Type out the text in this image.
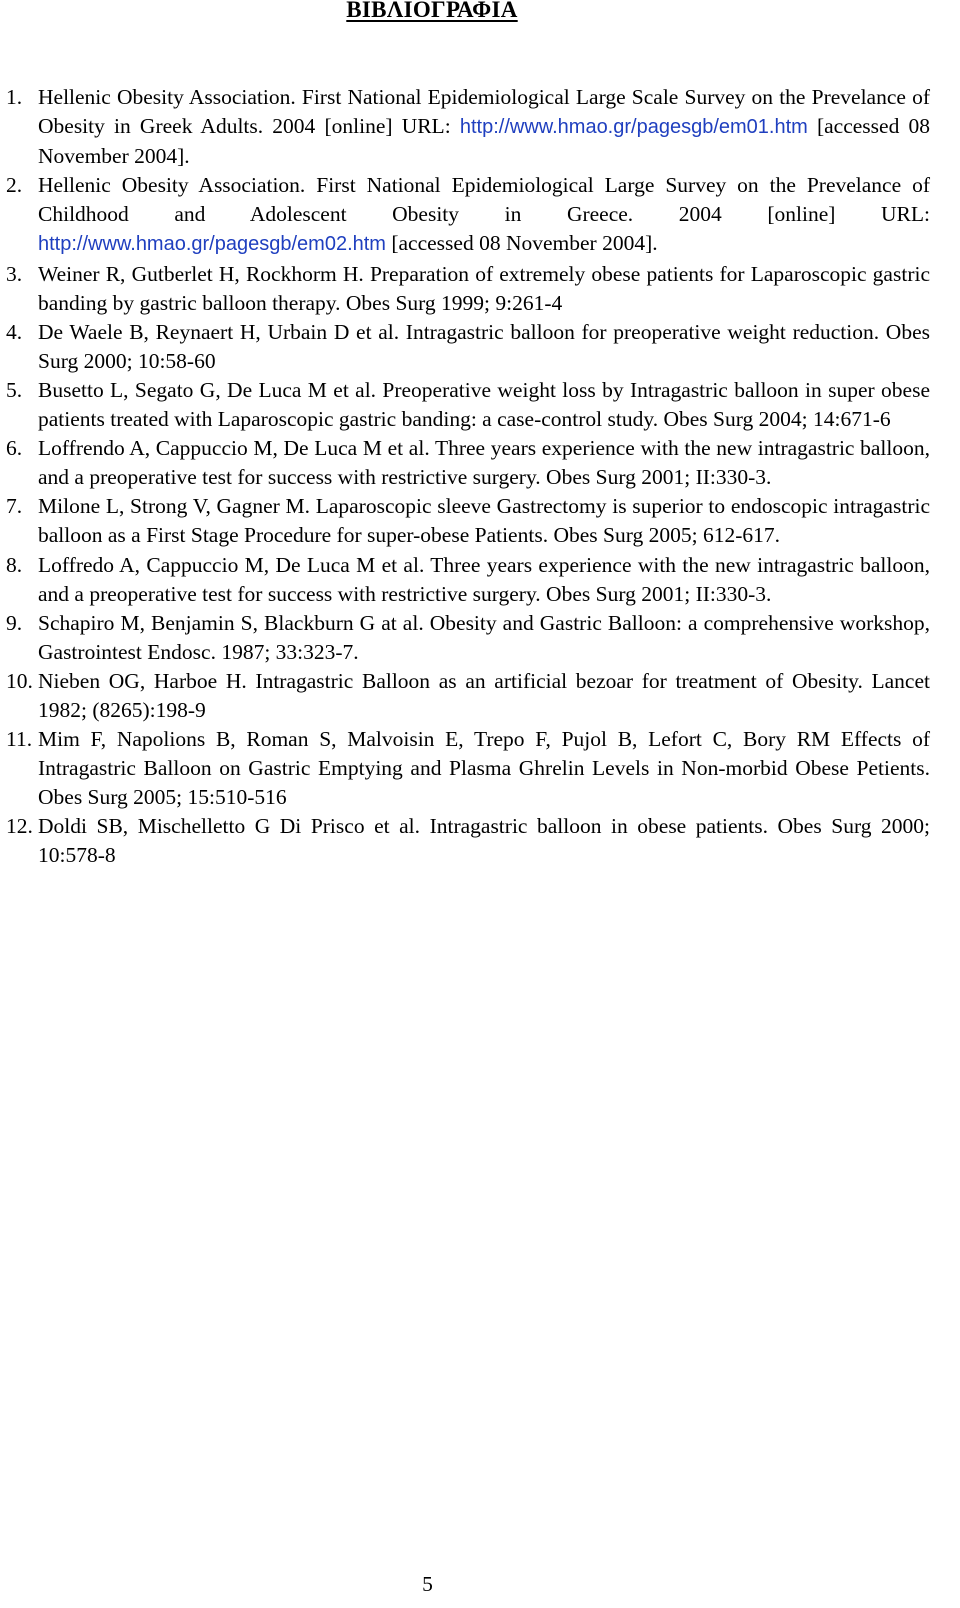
ΒΙΒΛΙΟΓΡΑΦΙΑ
1. Hellenic Obesity Association. First National Epidemiological Large Scale Survey on the Prevelance of Obesity in Greek Adults. 2004 [online] URL: http://www.hmao.gr/pagesgb/em01.htm [accessed 08 November 2004].
2. Hellenic Obesity Association. First National Epidemiological Large Survey on the Prevelance of Childhood and Adolescent Obesity in Greece. 2004 [online] URL: http://www.hmao.gr/pagesgb/em02.htm [accessed 08 November 2004].
3. Weiner R, Gutberlet H, Rockhorm H. Preparation of extremely obese patients for Laparoscopic gastric banding by gastric balloon therapy. Obes Surg 1999; 9:261-4
4. De Waele B, Reynaert H, Urbain D et al. Intragastric balloon for preoperative weight reduction. Obes Surg 2000; 10:58-60
5. Busetto L, Segato G, De Luca M et al. Preoperative weight loss by Intragastric balloon in super obese patients treated with Laparoscopic gastric banding: a case-control study. Obes Surg 2004; 14:671-6
6. Loffrendo A, Cappuccio M, De Luca M et al. Three years experience with the new intragastric balloon, and a preoperative test for success with restrictive surgery. Obes Surg 2001; II:330-3.
7. Milone L, Strong V, Gagner M. Laparoscopic sleeve Gastrectomy is superior to endoscopic intragastric balloon as a First Stage Procedure for super-obese Patients. Obes Surg 2005; 612-617.
8. Loffredo A, Cappuccio M, De Luca M et al. Three years experience with the new intragastric balloon, and a preoperative test for success with restrictive surgery. Obes Surg 2001; II:330-3.
9. Schapiro M, Benjamin S, Blackburn G at al. Obesity and Gastric Balloon: a comprehensive workshop, Gastrointest Endosc. 1987; 33:323-7.
10. Nieben OG, Harboe H. Intragastric Balloon as an artificial bezoar for treatment of Obesity. Lancet 1982; (8265):198-9
11. Mim F, Napolions B, Roman S, Malvoisin E, Trepo F, Pujol B, Lefort C, Bory RM Effects of Intragastric Balloon on Gastric Emptying and Plasma Ghrelin Levels in Non-morbid Obese Petients. Obes Surg 2005; 15:510-516
12. Doldi SB, Mischelletto G Di Prisco et al. Intragastric balloon in obese patients. Obes Surg 2000; 10:578-8
5
